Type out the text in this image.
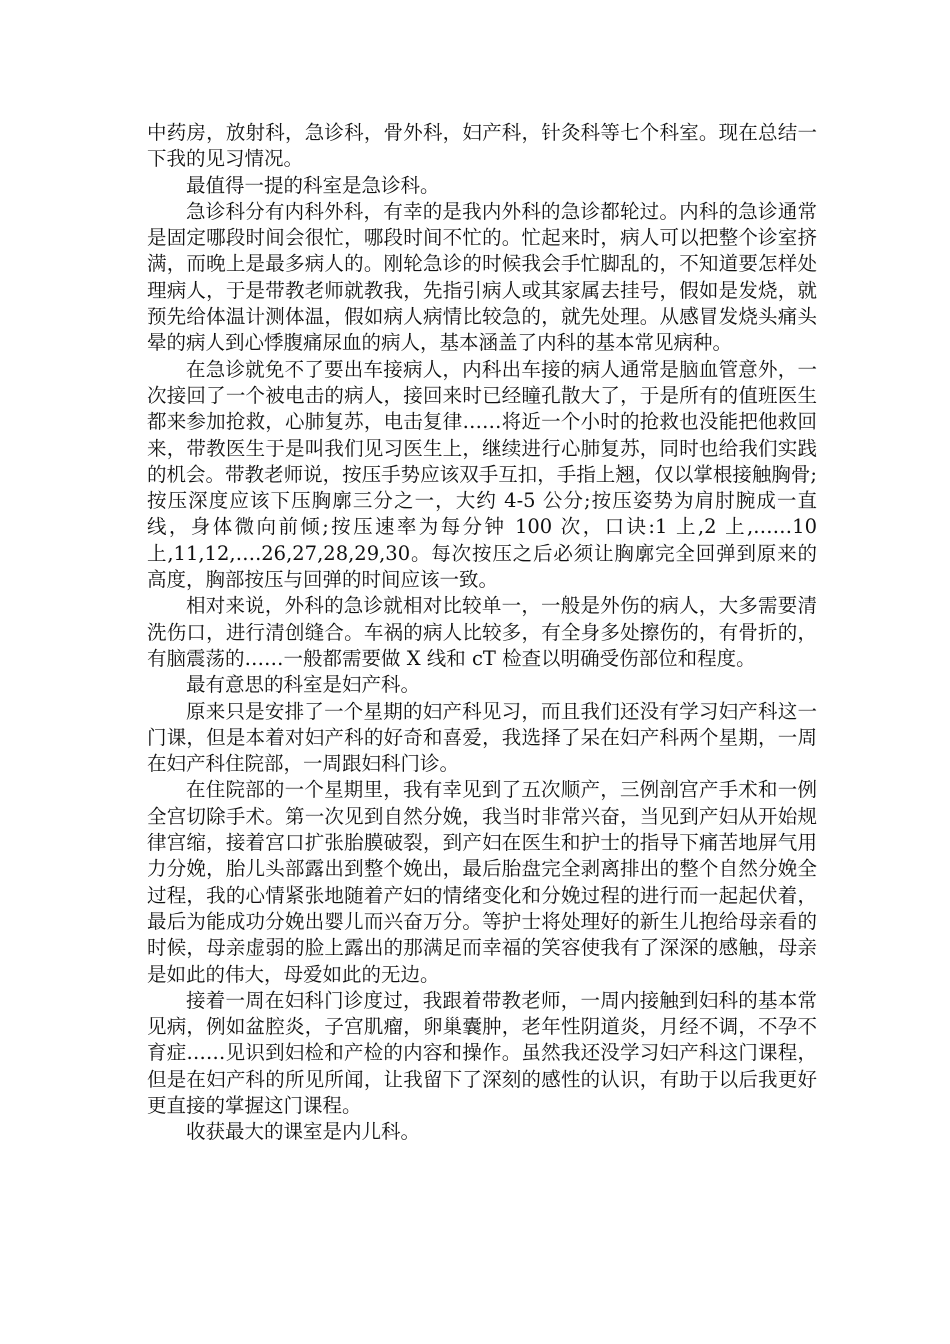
中药房，放射科，急诊科，骨外科，妇产科，针灸科等七个科室。现在总结一下我的见习情况。

最值得一提的科室是急诊科。

急诊科分有内科外科，有幸的是我内外科的急诊都轮过。内科的急诊通常是固定哪段时间会很忙，哪段时间不忙的。忙起来时，病人可以把整个诊室挤满，而晚上是最多病人的。刚轮急诊的时候我会手忙脚乱的，不知道要怎样处理病人，于是带教老师就教我，先指引病人或其家属去挂号，假如是发烧，就预先给体温计测体温，假如病人病情比较急的，就先处理。从感冒发烧头痛头晕的病人到心悸腹痛尿血的病人，基本涵盖了内科的基本常见病种。

在急诊就免不了要出车接病人，内科出车接的病人通常是脑血管意外，一次接回了一个被电击的病人，接回来时已经瞳孔散大了，于是所有的值班医生都来参加抢救，心肺复苏，电击复律……将近一个小时的抢救也没能把他救回来，带教医生于是叫我们见习医生上，继续进行心肺复苏，同时也给我们实践的机会。带教老师说，按压手势应该双手互扣，手指上翘，仅以掌根接触胸骨;按压深度应该下压胸廓三分之一，大约 4-5 公分;按压姿势为肩肘腕成一直线，身体微向前倾;按压速率为每分钟 100 次，口诀:1 上,2 上,……10 上,11,12,….26,27,28,29,30。每次按压之后必须让胸廓完全回弹到原来的高度，胸部按压与回弹的时间应该一致。

相对来说，外科的急诊就相对比较单一，一般是外伤的病人，大多需要清洗伤口，进行清创缝合。车祸的病人比较多，有全身多处擦伤的，有骨折的，有脑震荡的……一般都需要做 X 线和 cT 检查以明确受伤部位和程度。

最有意思的科室是妇产科。

原来只是安排了一个星期的妇产科见习，而且我们还没有学习妇产科这一门课，但是本着对妇产科的好奇和喜爱，我选择了呆在妇产科两个星期，一周在妇产科住院部，一周跟妇科门诊。

在住院部的一个星期里，我有幸见到了五次顺产，三例剖宫产手术和一例全宫切除手术。第一次见到自然分娩，我当时非常兴奋，当见到产妇从开始规律宫缩，接着宫口扩张胎膜破裂，到产妇在医生和护士的指导下痛苦地屏气用力分娩，胎儿头部露出到整个娩出，最后胎盘完全剥离排出的整个自然分娩全过程，我的心情紧张地随着产妇的情绪变化和分娩过程的进行而一起起伏着，最后为能成功分娩出婴儿而兴奋万分。等护士将处理好的新生儿抱给母亲看的时候，母亲虚弱的脸上露出的那满足而幸福的笑容使我有了深深的感触，母亲是如此的伟大，母爱如此的无边。

接着一周在妇科门诊度过，我跟着带教老师，一周内接触到妇科的基本常见病，例如盆腔炎，子宫肌瘤，卵巢囊肿，老年性阴道炎，月经不调，不孕不育症……见识到妇检和产检的内容和操作。虽然我还没学习妇产科这门课程，但是在妇产科的所见所闻，让我留下了深刻的感性的认识，有助于以后我更好更直接的掌握这门课程。

收获最大的课室是内儿科。
